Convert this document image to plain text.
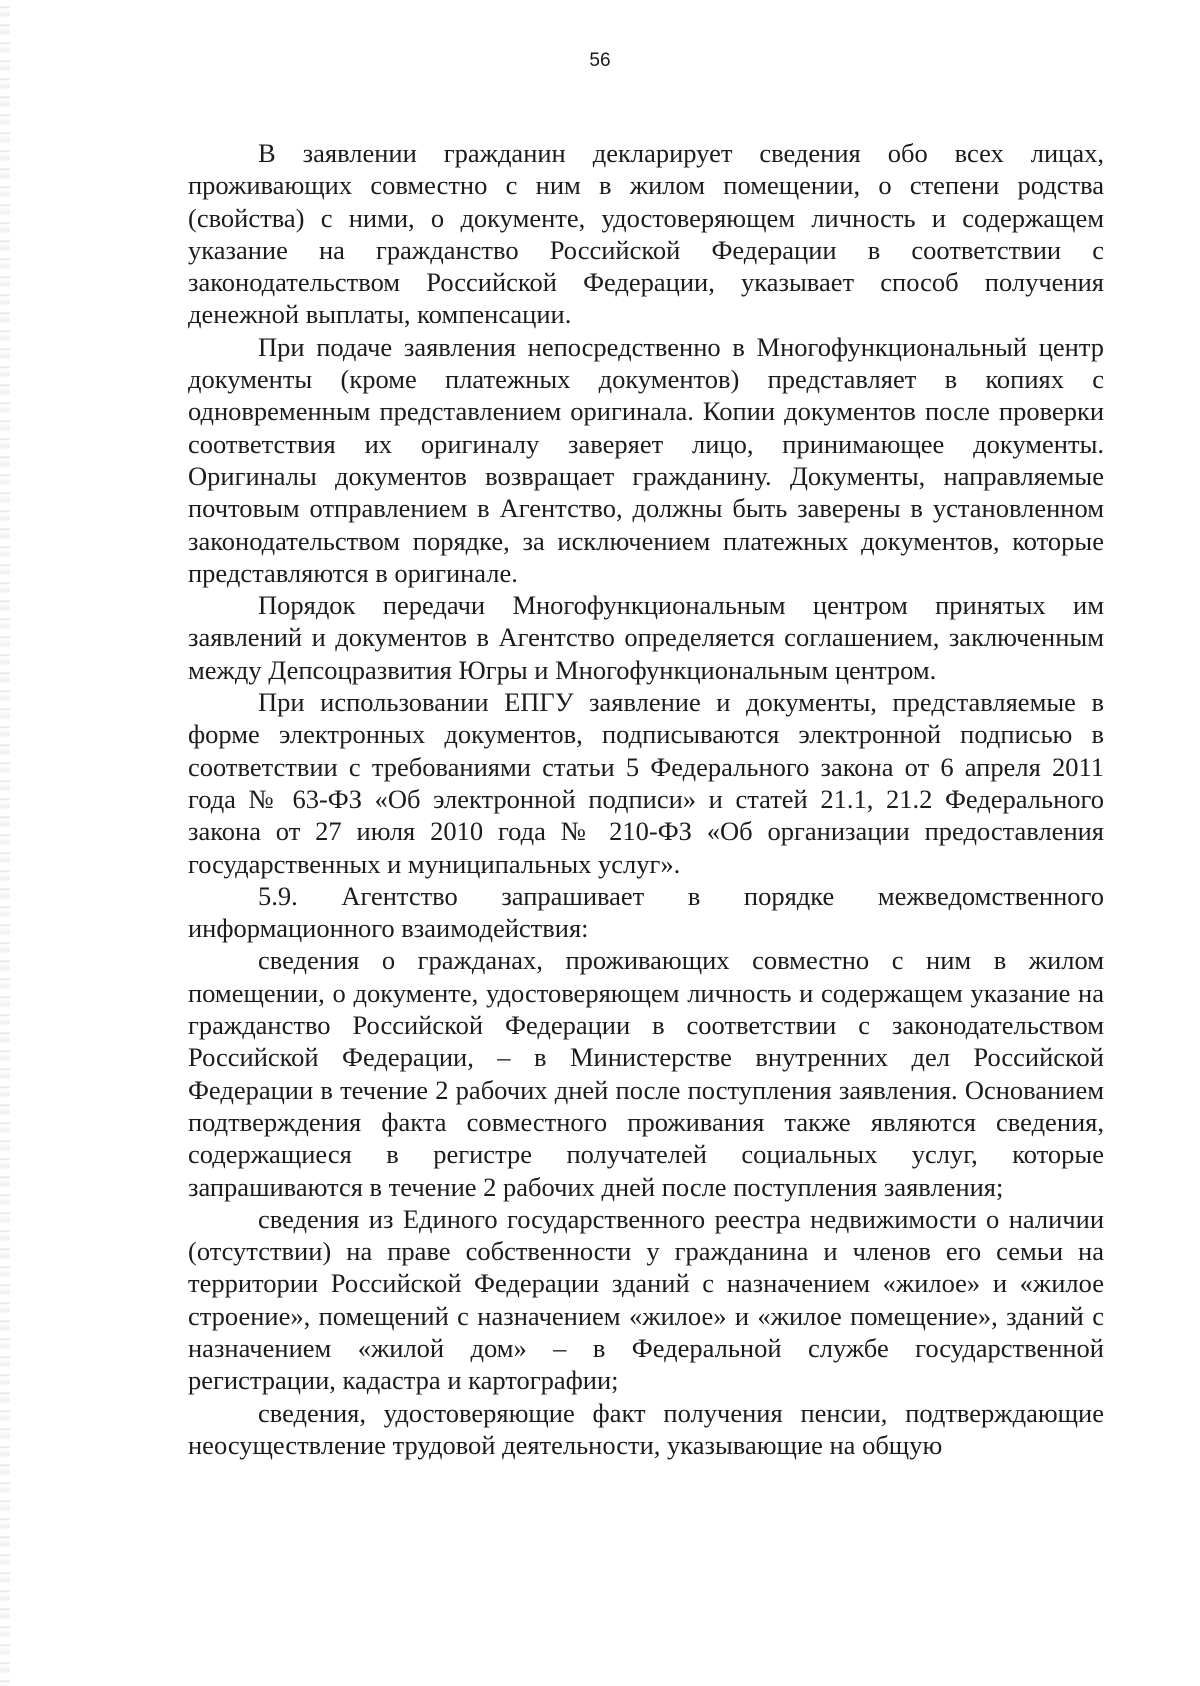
56

В заявлении гражданин декларирует сведения обо всех лицах, проживающих совместно с ним в жилом помещении, о степени родства (свойства) с ними, о документе, удостоверяющем личность и содержащем указание на гражданство Российской Федерации в соответствии с законодательством Российской Федерации, указывает способ получения денежной выплаты, компенсации.

При подаче заявления непосредственно в Многофункциональный центр документы (кроме платежных документов) представляет в копиях с одновременным представлением оригинала. Копии документов после проверки соответствия их оригиналу заверяет лицо, принимающее документы. Оригиналы документов возвращает гражданину. Документы, направляемые почтовым отправлением в Агентство, должны быть заверены в установленном законодательством порядке, за исключением платежных документов, которые представляются в оригинале.

Порядок передачи Многофункциональным центром принятых им заявлений и документов в Агентство определяется соглашением, заключенным между Депсоцразвития Югры и Многофункциональным центром.

При использовании ЕПГУ заявление и документы, представляемые в форме электронных документов, подписываются электронной подписью в соответствии с требованиями статьи 5 Федерального закона от 6 апреля 2011 года № 63-ФЗ «Об электронной подписи» и статей 21.1, 21.2 Федерального закона от 27 июля 2010 года № 210-ФЗ «Об организации предоставления государственных и муниципальных услуг».

5.9. Агентство запрашивает в порядке межведомственного информационного взаимодействия:

сведения о гражданах, проживающих совместно с ним в жилом помещении, о документе, удостоверяющем личность и содержащем указание на гражданство Российской Федерации в соответствии с законодательством Российской Федерации, – в Министерстве внутренних дел Российской Федерации в течение 2 рабочих дней после поступления заявления. Основанием подтверждения факта совместного проживания также являются сведения, содержащиеся в регистре получателей социальных услуг, которые запрашиваются в течение 2 рабочих дней после поступления заявления;

сведения из Единого государственного реестра недвижимости о наличии (отсутствии) на праве собственности у гражданина и членов его семьи на территории Российской Федерации зданий с назначением «жилое» и «жилое строение», помещений с назначением «жилое» и «жилое помещение», зданий с назначением «жилой дом» – в Федеральной службе государственной регистрации, кадастра и картографии;

сведения, удостоверяющие факт получения пенсии, подтверждающие неосуществление трудовой деятельности, указывающие на общую
